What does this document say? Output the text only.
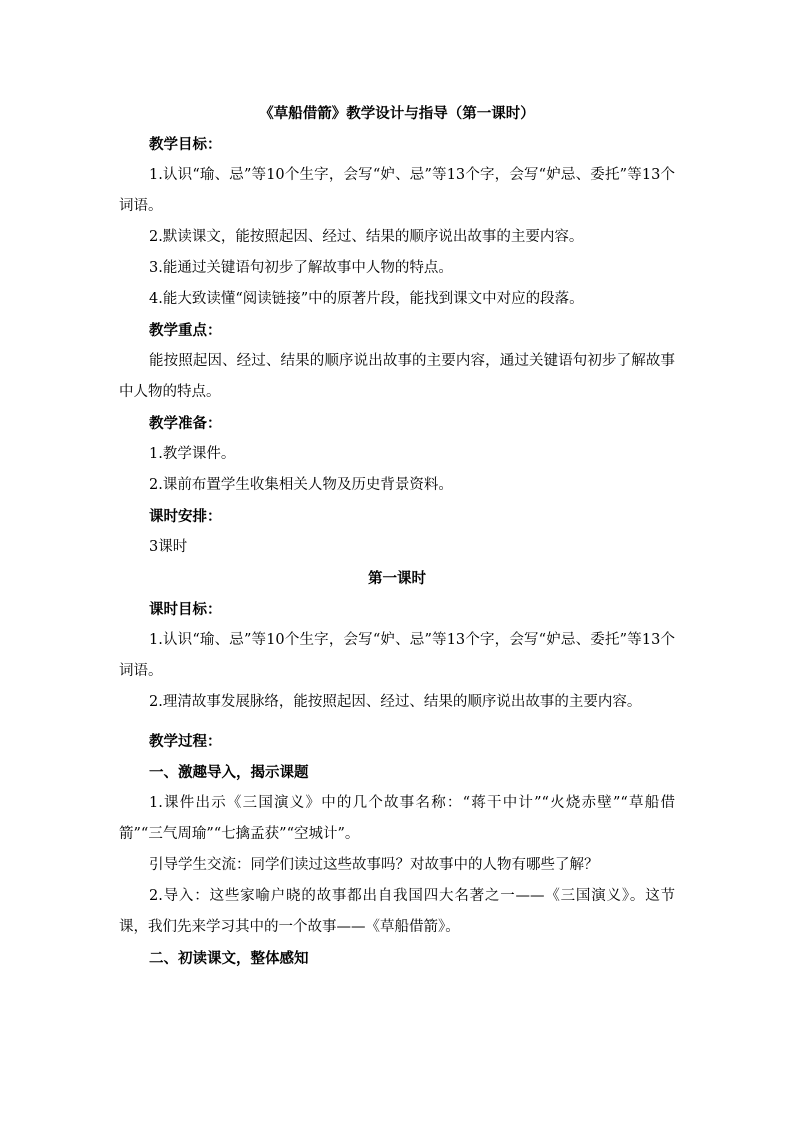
《草船借箭》教学设计与指导（第一课时）

教学目标：

1.认识“瑜、忌”等10个生字，会写“妒、忌”等13个字，会写“妒忌、委托”等13个词语。

2.默读课文，能按照起因、经过、结果的顺序说出故事的主要内容。

3.能通过关键语句初步了解故事中人物的特点。

4.能大致读懂“阅读链接”中的原著片段，能找到课文中对应的段落。

教学重点：

能按照起因、经过、结果的顺序说出故事的主要内容，通过关键语句初步了解故事中人物的特点。

教学准备：

1.教学课件。

2.课前布置学生收集相关人物及历史背景资料。

课时安排：

3课时

第一课时

课时目标：

1.认识“瑜、忌”等10个生字，会写“妒、忌”等13个字，会写“妒忌、委托”等13个词语。

2.理清故事发展脉络，能按照起因、经过、结果的顺序说出故事的主要内容。

教学过程：

一、激趣导入，揭示课题

1.课件出示《三国演义》中的几个故事名称：“蒋干中计”“火烧赤壁”“草船借箭”“三气周瑜”“七擒孟获”“空城计”。

引导学生交流：同学们读过这些故事吗？对故事中的人物有哪些了解？

2.导入：这些家喻户晓的故事都出自我国四大名著之一——《三国演义》。这节课，我们先来学习其中的一个故事——《草船借箭》。

二、初读课文，整体感知
